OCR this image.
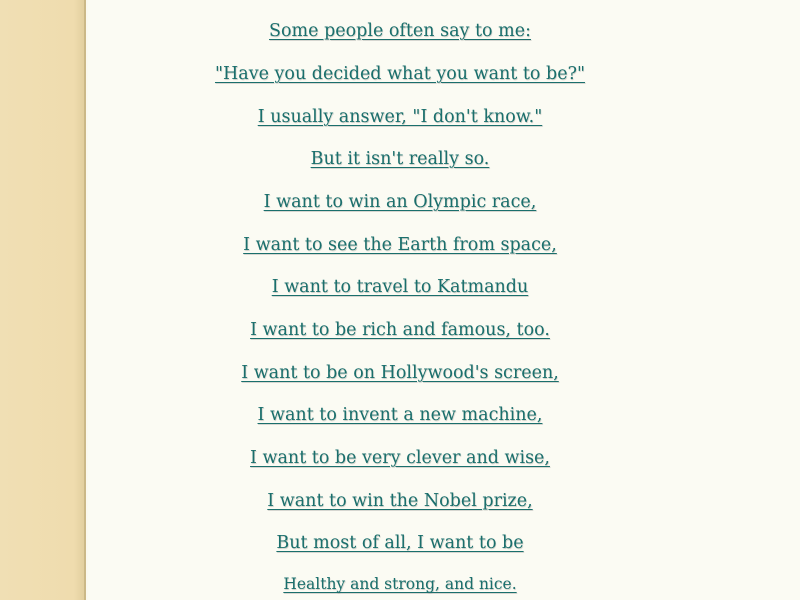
Some people often say to me:
"Have you decided what you want to be?"
I usually answer, "I don't know."
But it isn't really so.
I want to win an Olympic race,
I want to see the Earth from space,
I want to travel to Katmandu
I want to be rich and famous, too.
I want to be on Hollywood's screen,
I want to invent a new machine,
I want to be very clever and wise,
I want to win the Nobel prize,
But most of all, I want to be
Healthy and strong, and nice.
